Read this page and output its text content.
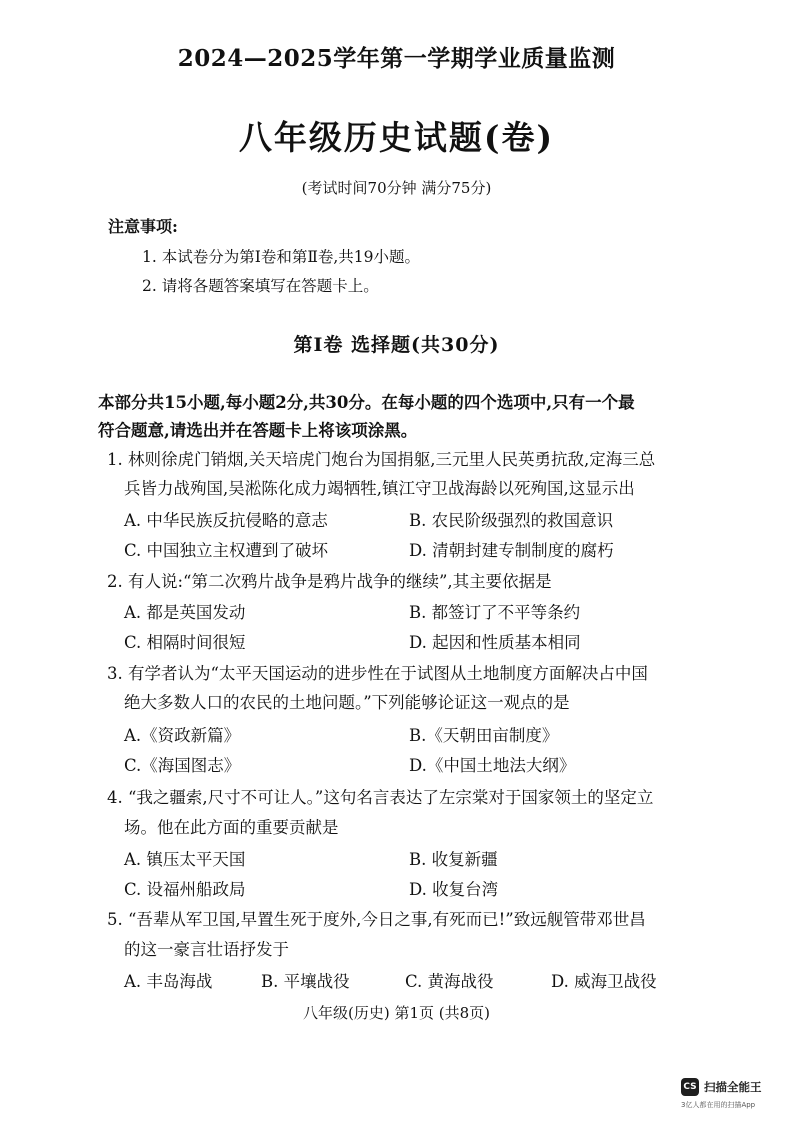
2024—2025学年第一学期学业质量监测
八年级历史试题(卷)
(考试时间70分钟 满分75分)
注意事项:
1. 本试卷分为第Ⅰ卷和第Ⅱ卷,共19小题。
2. 请将各题答案填写在答题卡上。
第Ⅰ卷 选择题(共30分)
本部分共15小题,每小题2分,共30分。在每小题的四个选项中,只有一个最
符合题意,请选出并在答题卡上将该项涂黑。
1. 林则徐虎门销烟,关天培虎门炮台为国捐躯,三元里人民英勇抗敌,定海三总
兵皆力战殉国,吴淞陈化成力竭牺牲,镇江守卫战海龄以死殉国,这显示出
A. 中华民族反抗侵略的意志	B. 农民阶级强烈的救国意识
C. 中国独立主权遭到了破坏	D. 清朝封建专制制度的腐朽
2. 有人说:“第二次鸦片战争是鸦片战争的继续”,其主要依据是
A. 都是英国发动	B. 都签订了不平等条约
C. 相隔时间很短	D. 起因和性质基本相同
3. 有学者认为“太平天国运动的进步性在于试图从土地制度方面解决占中国
绝大多数人口的农民的土地问题。”下列能够论证这一观点的是
A.《资政新篇》	B.《天朝田亩制度》
C.《海国图志》	D.《中国土地法大纲》
4. “我之疆索,尺寸不可让人。”这句名言表达了左宗棠对于国家领土的坚定立
场。他在此方面的重要贡献是
A. 镇压太平天国	B. 收复新疆
C. 设福州船政局	D. 收复台湾
5. “吾辈从军卫国,早置生死于度外,今日之事,有死而已!”致远舰管带邓世昌
的这一豪言壮语抒发于
A. 丰岛海战	B. 平壤战役	C. 黄海战役	D. 威海卫战役
八年级(历史) 第1页 (共8页)
CS 扫描全能王
3亿人都在用的扫描App
